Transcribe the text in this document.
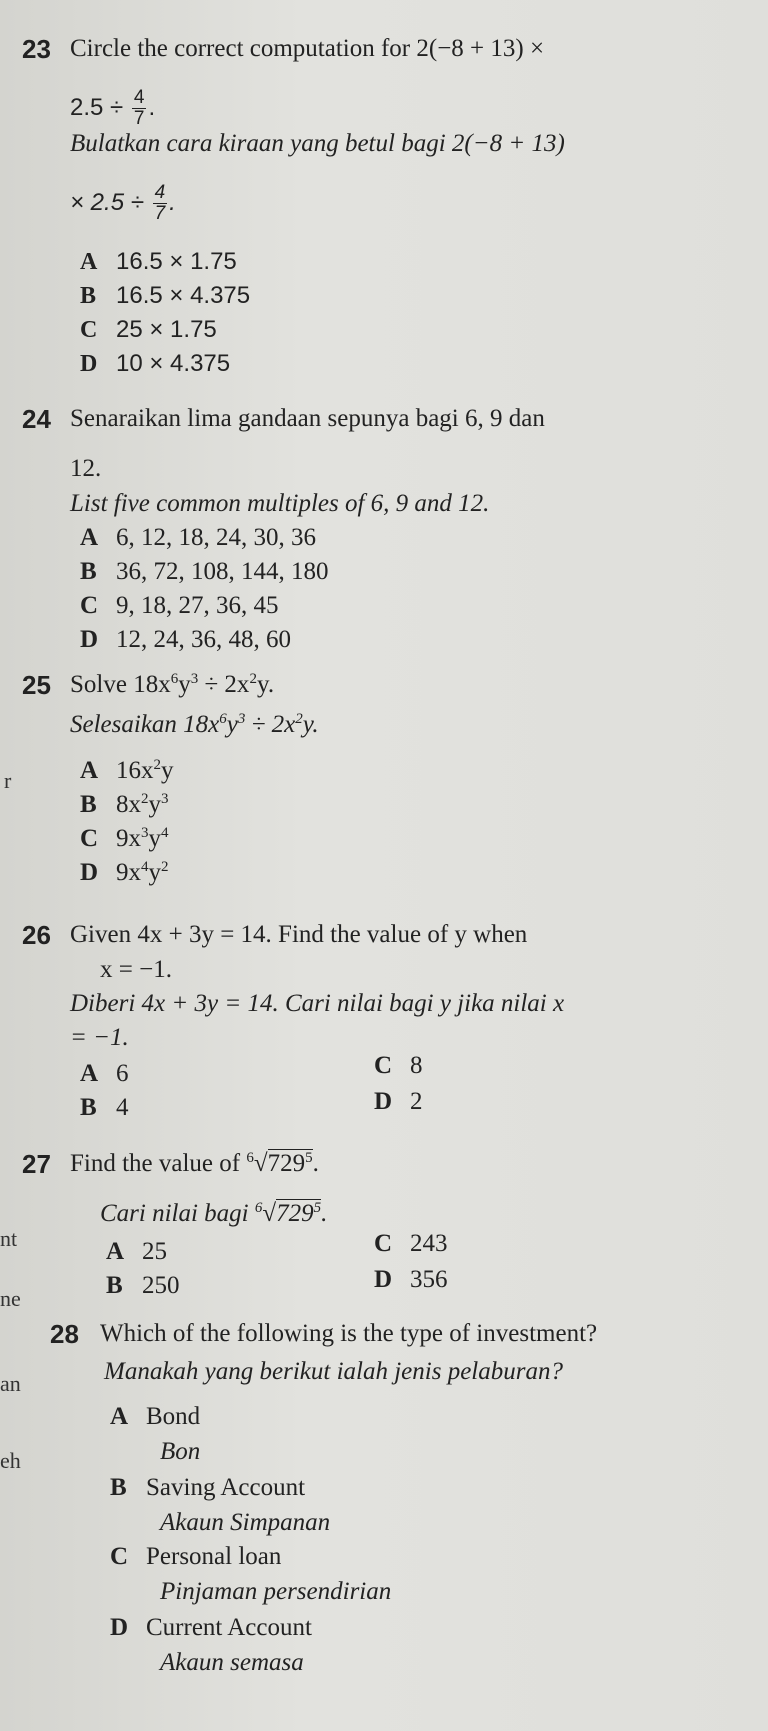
nt
ne
an
eh
r
23 Circle the correct computation for 2(−8 + 13) ×
$2.5 \div \frac{4}{7}$ .
Bulatkan cara kiraan yang betul bagi 2(−8 + 13)
× $2.5 \div \frac{4}{7}$ .
A 16.5 × 1.75
B 16.5 × 4.375
C 25 × 1.75
D 10 × 4.375
24 Senaraikan lima gandaan sepunya bagi 6, 9 dan
12.
List five common multiples of 6, 9 and 12.
A 6, 12, 18, 24, 30, 36
B 36, 72, 108, 144, 180
C 9, 18, 27, 36, 45
D 12, 24, 36, 48, 60
25 Solve $18x^6y^3 \div 2x^2y$.
Selesaikan $18x^6y^3 \div 2x^2y$.
A $16x^2y$
B $8x^2y^3$
C $9x^3y^4$
D $9x^4y^2$
26 Given 4x + 3y = 14. Find the value of y when
x = −1.
Diberi 4x + 3y = 14. Cari nilai bagi y jika nilai x
= −1.
A 6
B 4
C 8
D 2
27 Find the value of $^6√729^5$.
Cari nilai bagi $^6√729^5$.
A 25
B 250
C 243
D 356
28 Which of the following is the type of investment?
Manakah yang berikut ialah jenis pelaburan?
A Bond
Bon
B Saving Account
Akaun Simpanan
C Personal loan
Pinjaman persendirian
D Current Account
Akaun semasa
